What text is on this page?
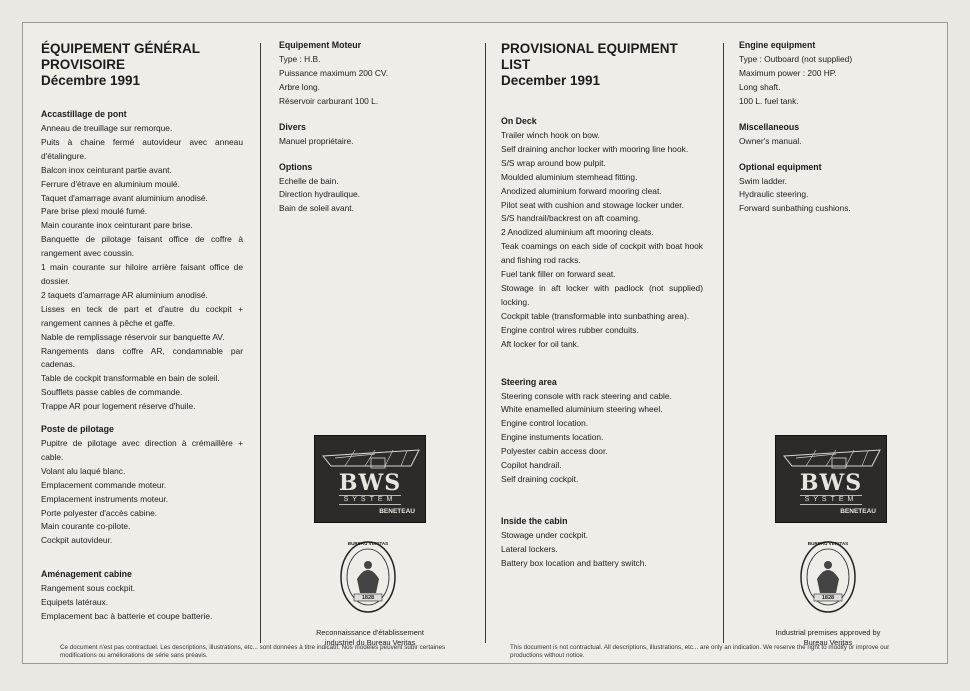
ÉQUIPEMENT GÉNÉRAL
PROVISOIRE
Décembre 1991
Accastillage de pont
Anneau de treuillage sur remorque.
Puits à chaine fermé autovideur avec anneau d'étalingure.
Balcon inox ceinturant partie avant.
Ferrure d'étrave en aluminium moulé.
Taquet d'amarrage avant aluminium anodisé.
Pare brise plexi moulé fumé.
Main courante inox ceinturant pare brise.
Banquette de pilotage faisant office de coffre à rangement avec coussin.
1 main courante sur hiloire arrière faisant office de dossier.
2 taquets d'amarrage AR aluminium anodisé.
Lisses en teck de part et d'autre du cockpit + rangement cannes à pêche et gaffe.
Nable de remplissage réservoir sur banquette AV.
Rangements dans coffre AR, condamnable par cadenas.
Table de cockpit transformable en bain de soleil.
Soufflets passe cables de commande.
Trappe AR pour logement réserve d'huile.
Poste de pilotage
Pupitre de pilotage avec direction à crémaillère + cable.
Volant alu laqué blanc.
Emplacement commande moteur.
Emplacement instruments moteur.
Porte polyester d'accès cabine.
Main courante co-pilote.
Cockpit autovideur.
Aménagement cabine
Rangement sous cockpit.
Equipets latéraux.
Emplacement bac à batterie et coupe batterie.
Equipement Moteur
Type : H.B.
Puissance maximum 200 CV.
Arbre long.
Réservoir carburant 100 L.
Divers
Manuel propriétaire.
Options
Echelle de bain.
Direction hydraulique.
Bain de soleil avant.
PROVISIONAL EQUIPMENT
LIST
December 1991
On Deck
Trailer winch hook on bow.
Self draining anchor locker with mooring line hook.
S/S wrap around bow pulpit.
Moulded aluminium stemhead fitting.
Anodized aluminium forward mooring cleat.
Pilot seat with cushion and stowage locker under.
S/S handrail/backrest on aft coaming.
2 Anodized aluminium aft mooring cleats.
Teak coamings on each side of cockpit with boat hook and fishing rod racks.
Fuel tank filler on forward seat.
Stowage in aft locker with padlock (not supplied) locking.
Cockpit table (transformable into sunbathing area).
Engine control wires rubber conduits.
Aft locker for oil tank.
Steering area
Steering console with rack steering and cable.
White enamelled aluminium steering wheel.
Engine control location.
Engine instuments location.
Polyester cabin access door.
Copilot handrail.
Self draining cockpit.
Inside the cabin
Stowage under cockpit.
Lateral lockers.
Battery box location and battery switch.
Engine equipment
Type : Outboard (not supplied)
Maximum power : 200 HP.
Long shaft.
100 L. fuel tank.
Miscellaneous
Owner's manual.
Optional equipment
Swim ladder.
Hydraulic steering.
Forward sunbathing cushions.
BWS
SYSTEM
BENETEAU
BUREAU VERITAS
1828
Reconnaissance d'établissement industriel du Bureau Veritas
BWS
SYSTEM
BENETEAU
BUREAU VERITAS
1828
Industrial premises approved by Bureau Veritas
Ce document n'est pas contractuel. Les descriptions, illustrations, etc... sont données à titre indicatif. Nos modèles peuvent subir certaines modifications ou améliorations de série sans préavis.
This document is not contractual. All descriptions, illustrations, etc... are only an indication. We reserve the right to modify or improve our productions without notice.
